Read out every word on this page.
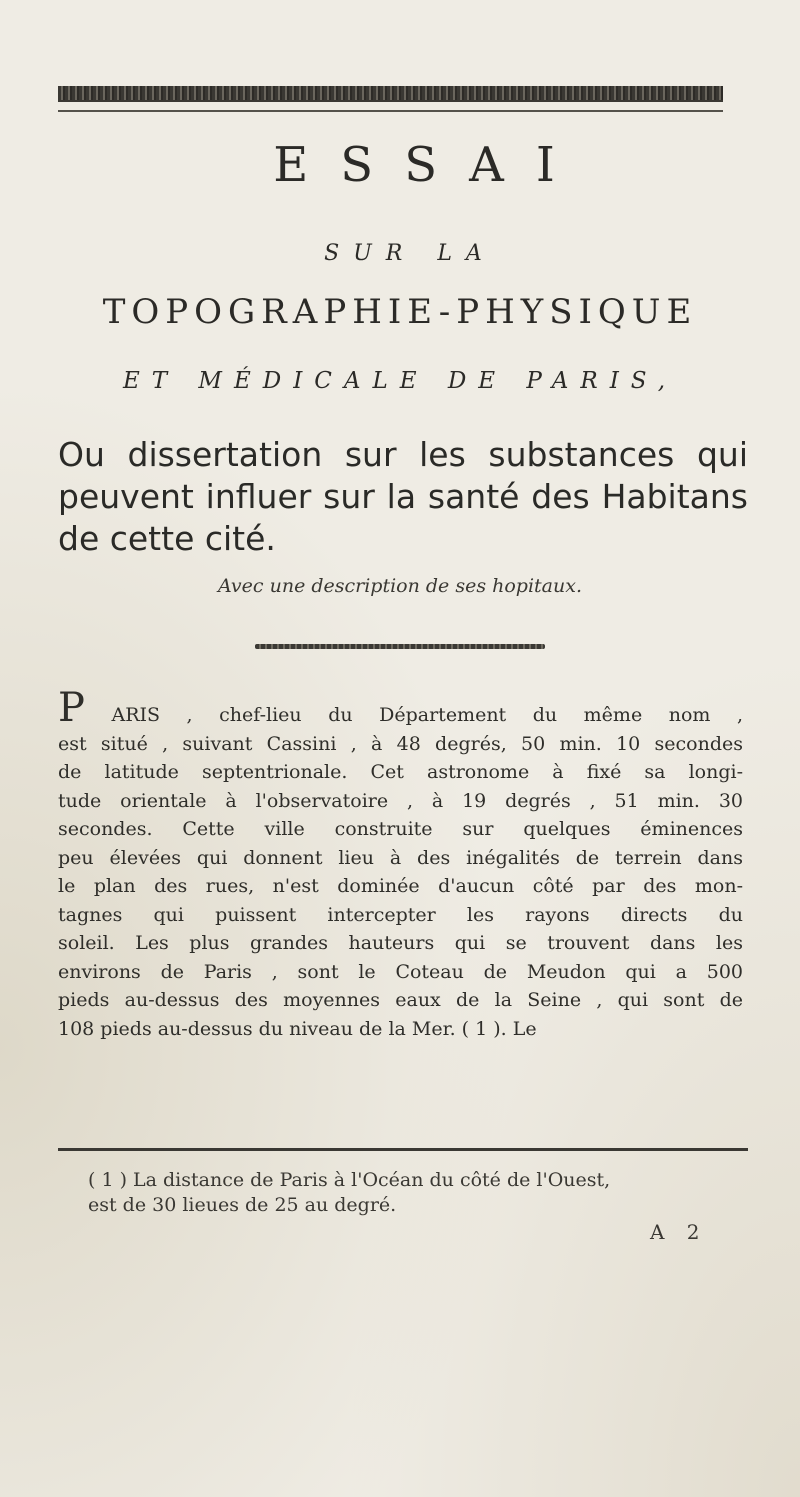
ESSAI
SUR LA
TOPOGRAPHIE-PHYSIQUE
ET MÉDICALE DE PARIS,
Ou dissertation sur les substances qui peuvent influer sur la santé des Habitans de cette cité.
Avec une description de ses hopitaux.
P ARIS , chef-lieu du Département du même nom ,
est situé , suivant Cassini , à 48 degrés, 50 min. 10 secondes
de latitude septentrionale. Cet astronome à fixé sa longi-
tude orientale à l'observatoire , à 19 degrés , 51 min. 30
secondes. Cette ville construite sur quelques éminences
peu élevées qui donnent lieu à des inégalités de terrein dans
le plan des rues, n'est dominée d'aucun côté par des mon-
tagnes qui puissent intercepter les rayons directs du
soleil. Les plus grandes hauteurs qui se trouvent dans les
environs de Paris , sont le Coteau de Meudon qui a 500
pieds au-dessus des moyennes eaux de la Seine , qui sont de
108 pieds au-dessus du niveau de la Mer. ( 1 ). Le
( 1 ) La distance de Paris à l'Océan du côté de l'Ouest,
est de 30 lieues de 25 au degré.
A 2
